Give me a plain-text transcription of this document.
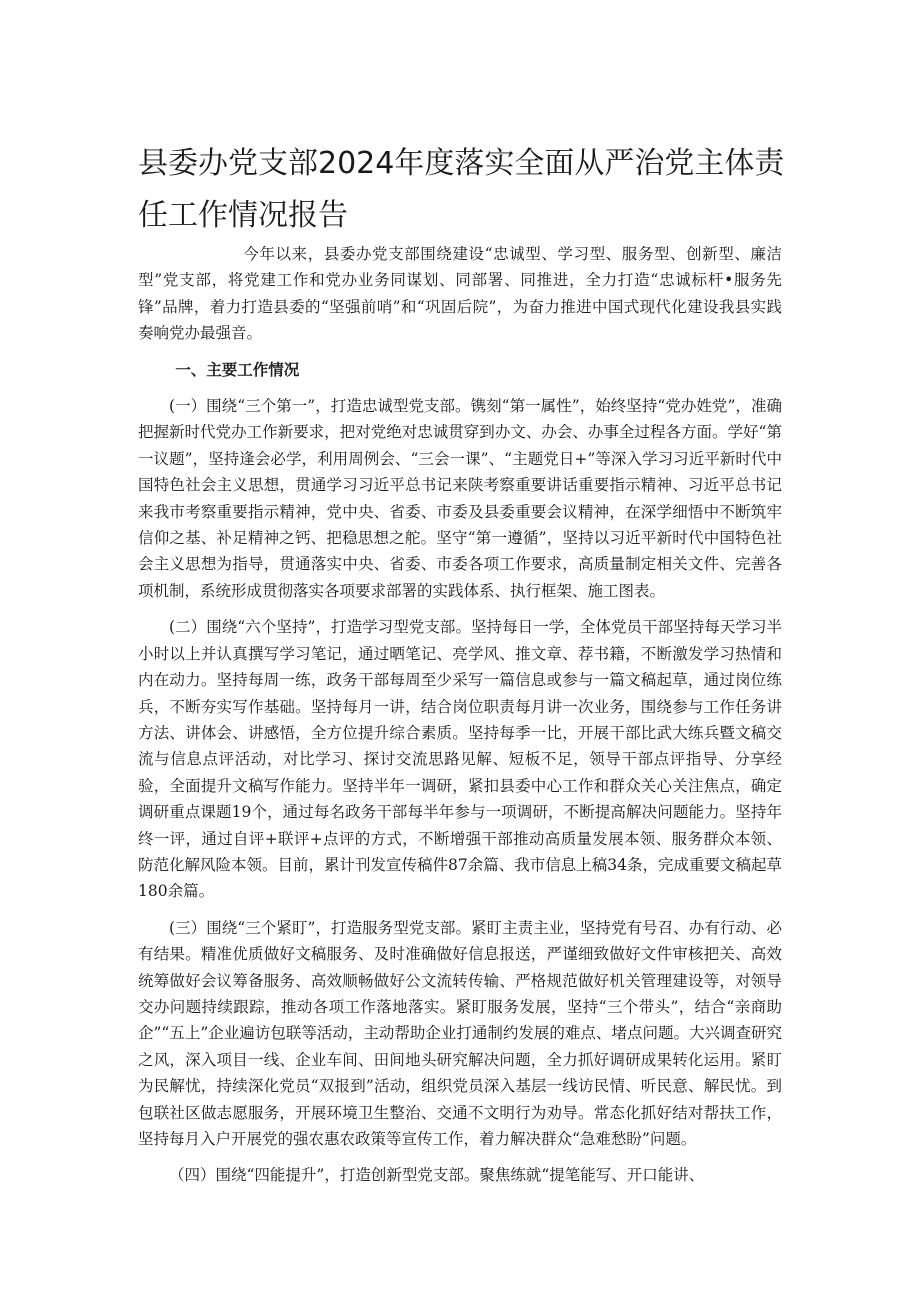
县委办党支部2024年度落实全面从严治党主体责任工作情况报告

今年以来，县委办党支部围绕建设“忠诚型、学习型、服务型、创新型、廉洁型”党支部，将党建工作和党办业务同谋划、同部署、同推进，全力打造“忠诚标杆•服务先锋”品牌，着力打造县委的“坚强前哨”和“巩固后院”，为奋力推进中国式现代化建设我县实践奏响党办最强音。

一、主要工作情况

(一）围绕“三个第一”，打造忠诚型党支部。镌刻“第一属性”，始终坚持“党办姓党”，准确把握新时代党办工作新要求，把对党绝对忠诚贯穿到办文、办会、办事全过程各方面。学好“第一议题”，坚持逢会必学，利用周例会、“三会一课”、“主题党日+”等深入学习习近平新时代中国特色社会主义思想，贯通学习习近平总书记来陕考察重要讲话重要指示精神、习近平总书记来我市考察重要指示精神，党中央、省委、市委及县委重要会议精神，在深学细悟中不断筑牢信仰之基、补足精神之钙、把稳思想之舵。坚守“第一遵循”，坚持以习近平新时代中国特色社会主义思想为指导，贯通落实中央、省委、市委各项工作要求，高质量制定相关文件、完善各项机制，系统形成贯彻落实各项要求部署的实践体系、执行框架、施工图表。

(二）围绕“六个坚持”，打造学习型党支部。坚持每日一学，全体党员干部坚持每天学习半小时以上并认真撰写学习笔记，通过晒笔记、亮学风、推文章、荐书籍，不断激发学习热情和内在动力。坚持每周一练，政务干部每周至少采写一篇信息或参与一篇文稿起草，通过岗位练兵，不断夯实写作基础。坚持每月一讲，结合岗位职责每月讲一次业务，围绕参与工作任务讲方法、讲体会、讲感悟，全方位提升综合素质。坚持每季一比，开展干部比武大练兵暨文稿交流与信息点评活动，对比学习、探讨交流思路见解、短板不足，领导干部点评指导、分享经验，全面提升文稿写作能力。坚持半年一调研，紧扣县委中心工作和群众关心关注焦点，确定调研重点课题19个，通过每名政务干部每半年参与一项调研，不断提高解决问题能力。坚持年终一评，通过自评+联评+点评的方式，不断增强干部推动高质量发展本领、服务群众本领、防范化解风险本领。目前，累计刊发宣传稿件87余篇、我市信息上稿34条，完成重要文稿起草180余篇。

(三）围绕“三个紧盯”，打造服务型党支部。紧盯主责主业，坚持党有号召、办有行动、必有结果。精准优质做好文稿服务、及时准确做好信息报送，严谨细致做好文件审核把关、高效统筹做好会议筹备服务、高效顺畅做好公文流转传输、严格规范做好机关管理建设等，对领导交办问题持续跟踪，推动各项工作落地落实。紧盯服务发展，坚持“三个带头”，结合“亲商助企”“五上”企业遍访包联等活动，主动帮助企业打通制约发展的难点、堵点问题。大兴调查研究之风，深入项目一线、企业车间、田间地头研究解决问题，全力抓好调研成果转化运用。紧盯为民解忧，持续深化党员“双报到”活动，组织党员深入基层一线访民情、听民意、解民忧。到包联社区做志愿服务，开展环境卫生整治、交通不文明行为劝导。常态化抓好结对帮扶工作，坚持每月入户开展党的强农惠农政策等宣传工作，着力解决群众“急难愁盼”问题。

（四）围绕“四能提升”，打造创新型党支部。聚焦练就“提笔能写、开口能讲、
